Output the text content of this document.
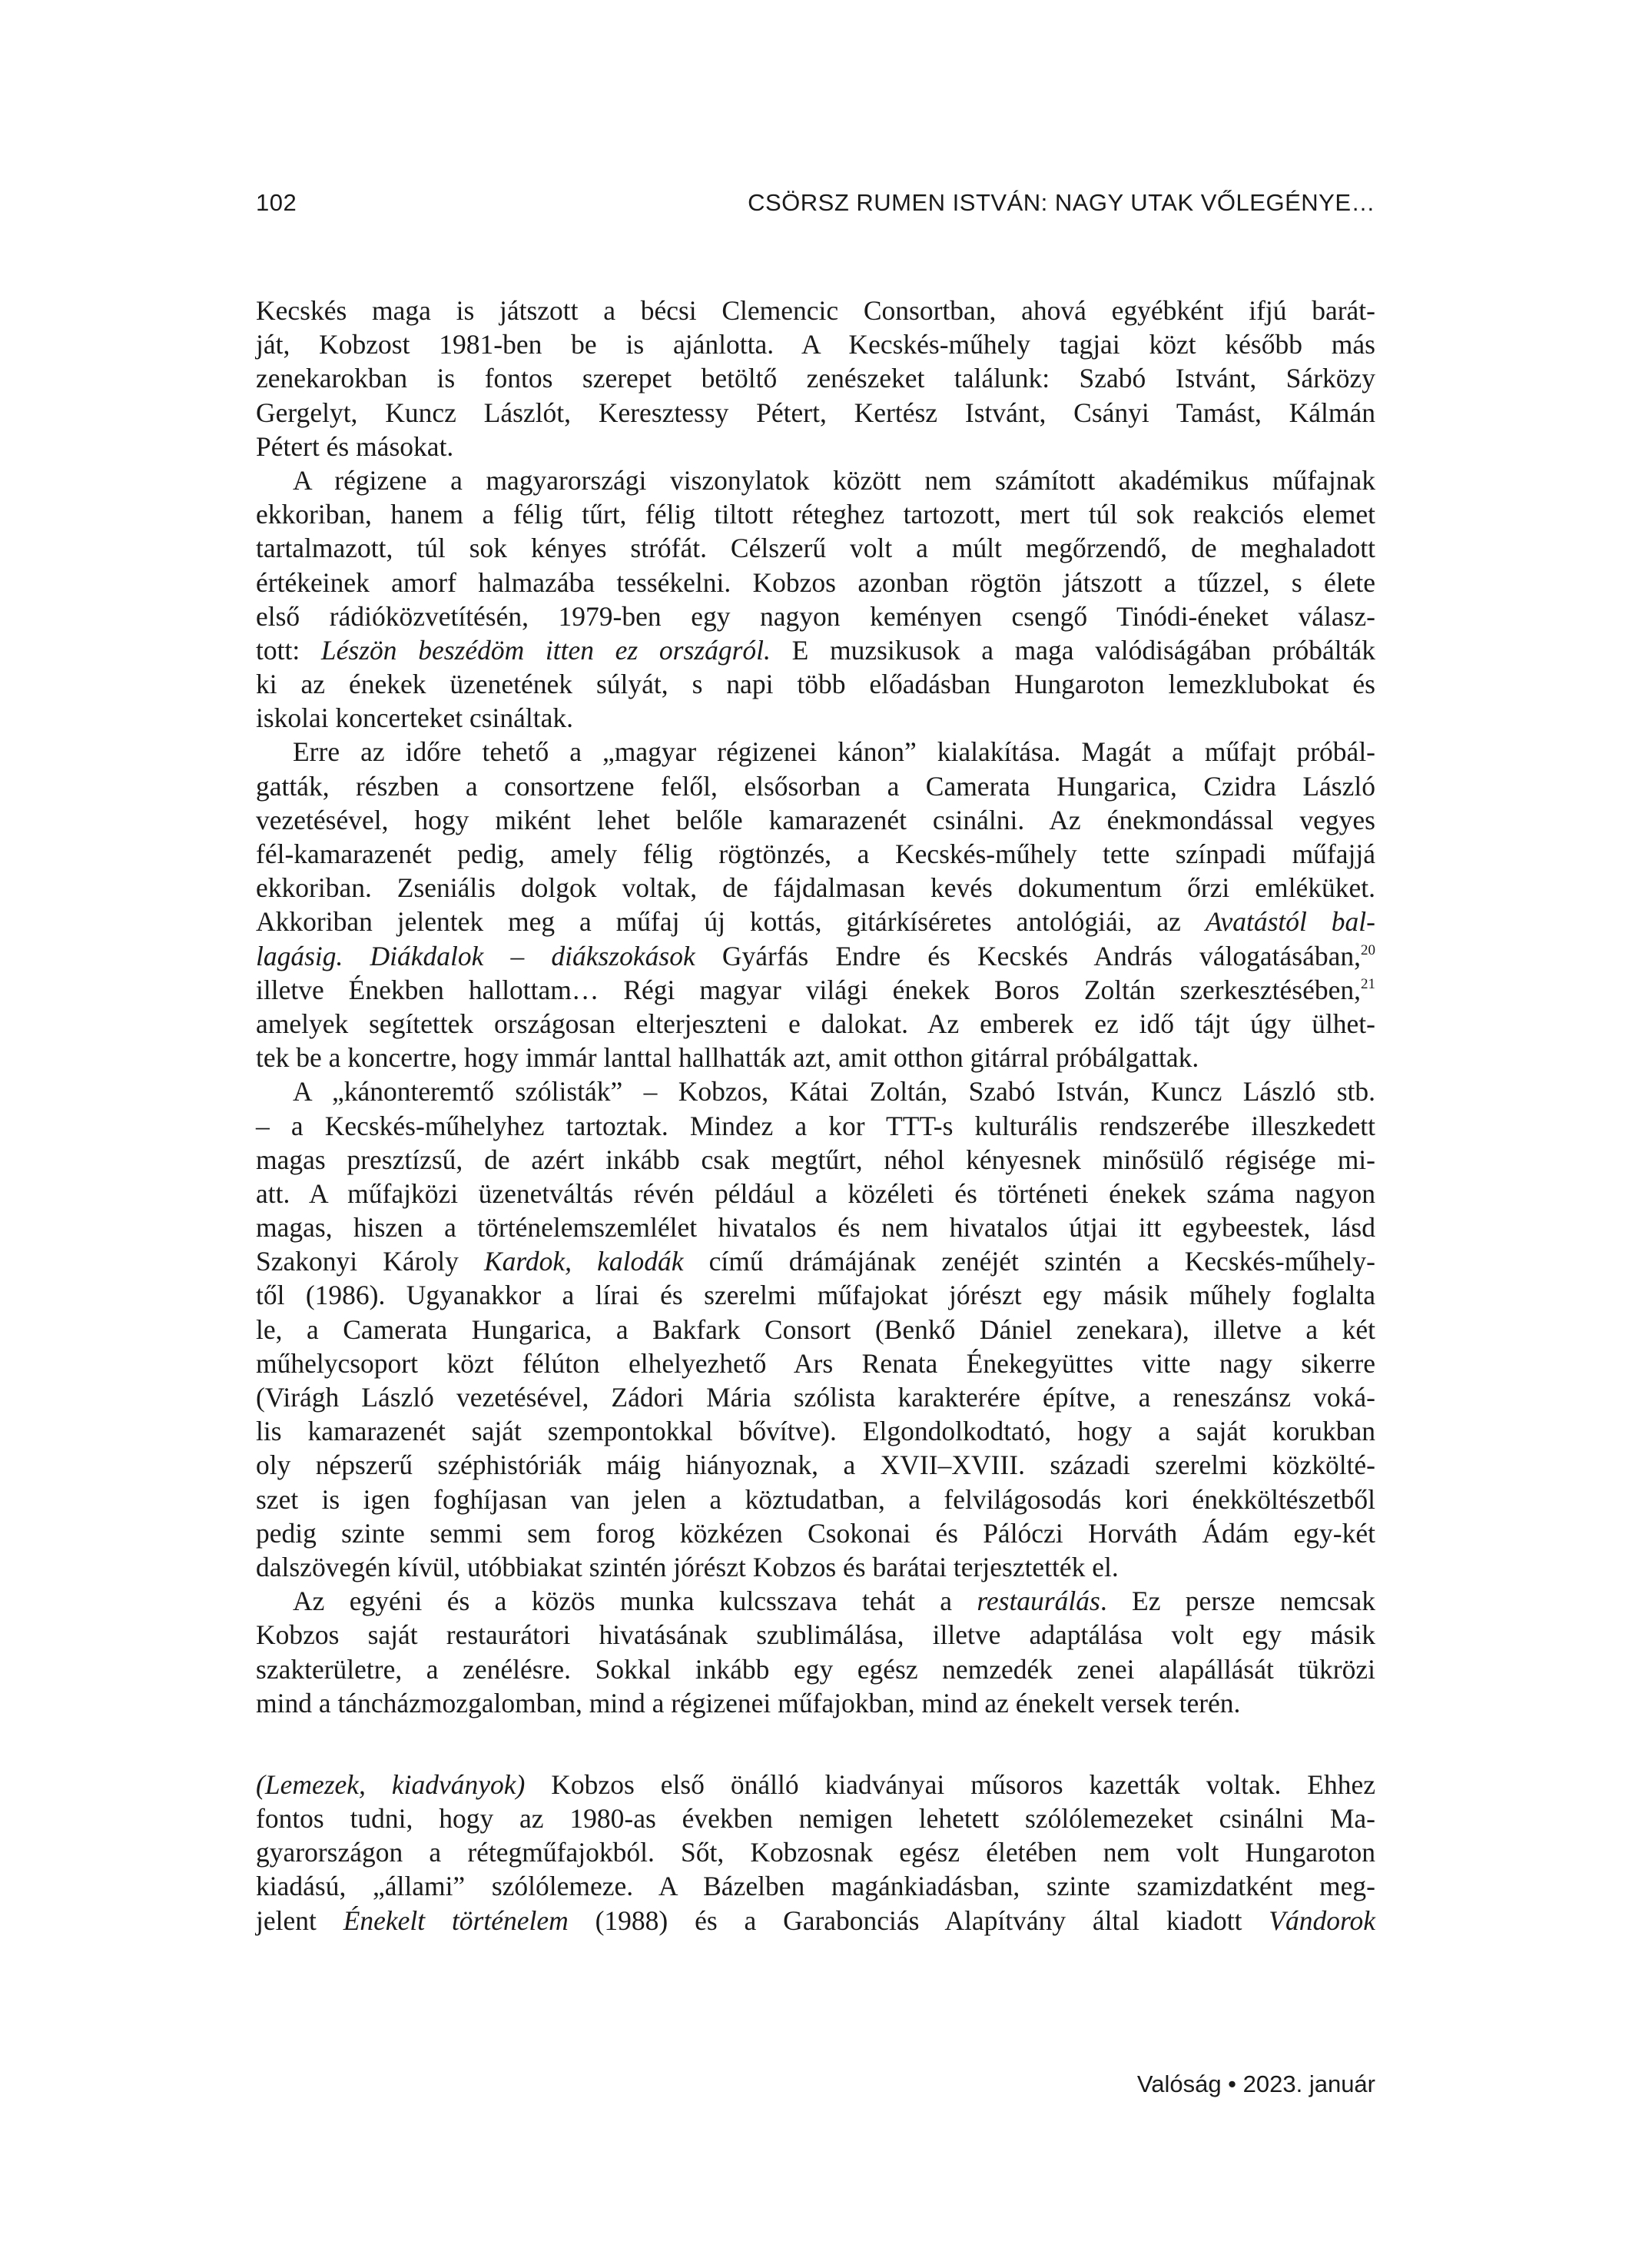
102	CSÖRSZ RUMEN ISTVÁN: NAGY UTAK VŐLEGÉNYE…
Kecskés maga is játszott a bécsi Clemencic Consortban, ahová egyébként ifjú barát-
ját, Kobzost 1981-ben be is ajánlotta. A Kecskés-műhely tagjai közt később más
zenekarokban is fontos szerepet betöltő zenészeket találunk: Szabó Istvánt, Sárközy
Gergelyt, Kuncz Lászlót, Keresztessy Pétert, Kertész Istvánt, Csányi Tamást, Kálmán
Pétert és másokat.
A régizene a magyarországi viszonylatok között nem számított akadémikus műfajnak
ekkoriban, hanem a félig tűrt, félig tiltott réteghez tartozott, mert túl sok reakciós elemet
tartalmazott, túl sok kényes strófát. Célszerű volt a múlt megőrzendő, de meghaladott
értékeinek amorf halmazába tessékelni. Kobzos azonban rögtön játszott a tűzzel, s élete
első rádióközvetítésén, 1979-ben egy nagyon keményen csengő Tinódi-éneket válasz-
tott: Lészön beszédöm itten ez országról. E muzsikusok a maga valódiságában próbálták
ki az énekek üzenetének súlyát, s napi több előadásban Hungaroton lemezklubokat és
iskolai koncerteket csináltak.
Erre az időre tehető a „magyar régizenei kánon” kialakítása. Magát a műfajt próbál-
gatták, részben a consortzene felől, elsősorban a Camerata Hungarica, Czidra László
vezetésével, hogy miként lehet belőle kamarazenét csinálni. Az énekmondással vegyes
fél-kamarazenét pedig, amely félig rögtönzés, a Kecskés-műhely tette színpadi műfajjá
ekkoriban. Zseniális dolgok voltak, de fájdalmasan kevés dokumentum őrzi emléküket.
Akkoriban jelentek meg a műfaj új kottás, gitárkíséretes antológiái, az Avatástól bal-
lagásig. Diákdalok – diákszokások Gyárfás Endre és Kecskés András válogatásában,$^{20}$
illetve Énekben hallottam… Régi magyar világi énekek Boros Zoltán szerkesztésében,$^{21}$
amelyek segítettek országosan elterjeszteni e dalokat. Az emberek ez idő tájt úgy ülhet-
tek be a koncertre, hogy immár lanttal hallhatták azt, amit otthon gitárral próbálgattak.
A „kánonteremtő szólisták” – Kobzos, Kátai Zoltán, Szabó István, Kuncz László stb.
– a Kecskés-műhelyhez tartoztak. Mindez a kor TTT-s kulturális rendszerébe illeszkedett
magas presztízsű, de azért inkább csak megtűrt, néhol kényesnek minősülő régisége mi-
att. A műfajközi üzenetváltás révén például a közéleti és történeti énekek száma nagyon
magas, hiszen a történelemszemlélet hivatalos és nem hivatalos útjai itt egybeestek, lásd
Szakonyi Károly Kardok, kalodák című drámájának zenéjét szintén a Kecskés-műhely-
től (1986). Ugyanakkor a lírai és szerelmi műfajokat jórészt egy másik műhely foglalta
le, a Camerata Hungarica, a Bakfark Consort (Benkő Dániel zenekara), illetve a két
műhelycsoport közt félúton elhelyezhető Ars Renata Énekegyüttes vitte nagy sikerre
(Virágh László vezetésével, Zádori Mária szólista karakterére építve, a reneszánsz voká-
lis kamarazenét saját szempontokkal bővítve). Elgondolkodtató, hogy a saját korukban
oly népszerű széphistóriák máig hiányoznak, a XVII–XVIII. századi szerelmi közkölté-
szet is igen foghíjasan van jelen a köztudatban, a felvilágosodás kori énekköltészetből
pedig szinte semmi sem forog közkézen Csokonai és Pálóczi Horváth Ádám egy-két
dalszövegén kívül, utóbbiakat szintén jórészt Kobzos és barátai terjesztették el.
Az egyéni és a közös munka kulcsszava tehát a restaurálás. Ez persze nemcsak
Kobzos saját restaurátori hivatásának szublimálása, illetve adaptálása volt egy másik
szakterületre, a zenélésre. Sokkal inkább egy egész nemzedék zenei alapállását tükrözi
mind a táncházmozgalomban, mind a régizenei műfajokban, mind az énekelt versek terén.
(Lemezek, kiadványok) Kobzos első önálló kiadványai műsoros kazetták voltak. Ehhez
fontos tudni, hogy az 1980-as években nemigen lehetett szólólemezeket csinálni Ma-
gyarországon a rétegműfajokból. Sőt, Kobzosnak egész életében nem volt Hungaroton
kiadású, „állami” szólólemeze. A Bázelben magánkiadásban, szinte szamizdatként meg-
jelent Énekelt történelem (1988) és a Garabonciás Alapítvány által kiadott Vándorok
Valóság • 2023. január
